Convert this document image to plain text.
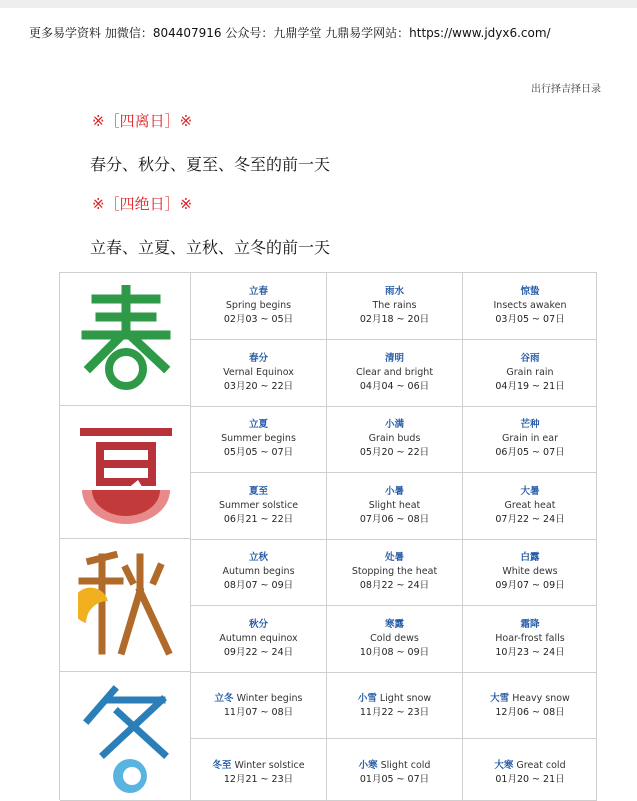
更多易学资料 加微信：804407916 公众号：九鼎学堂 九鼎易学网站：https://www.jdyx6.com/
出行择吉择日录
※［四离日］※
春分、秋分、夏至、冬至的前一天
※［四绝日］※
立春、立夏、立秋、立冬的前一天
立春
Spring begins
02月03 ~ 05日
雨水
The rains
02月18 ~ 20日
惊蛰
Insects awaken
03月05 ~ 07日
春分
Vernal Equinox
03月20 ~ 22日
清明
Clear and bright
04月04 ~ 06日
谷雨
Grain rain
04月19 ~ 21日
立夏
Summer begins
05月05 ~ 07日
小满
Grain buds
05月20 ~ 22日
芒种
Grain in ear
06月05 ~ 07日
夏至
Summer solstice
06月21 ~ 22日
小暑
Slight heat
07月06 ~ 08日
大暑
Great heat
07月22 ~ 24日
立秋
Autumn begins
08月07 ~ 09日
处暑
Stopping the heat
08月22 ~ 24日
白露
White dews
09月07 ~ 09日
秋分
Autumn equinox
09月22 ~ 24日
寒露
Cold dews
10月08 ~ 09日
霜降
Hoar-frost falls
10月23 ~ 24日
立冬 Winter begins
11月07 ~ 08日
小雪 Light snow
11月22 ~ 23日
大雪 Heavy snow
12月06 ~ 08日
冬至 Winter solstice
12月21 ~ 23日
小寒 Slight cold
01月05 ~ 07日
大寒 Great cold
01月20 ~ 21日
